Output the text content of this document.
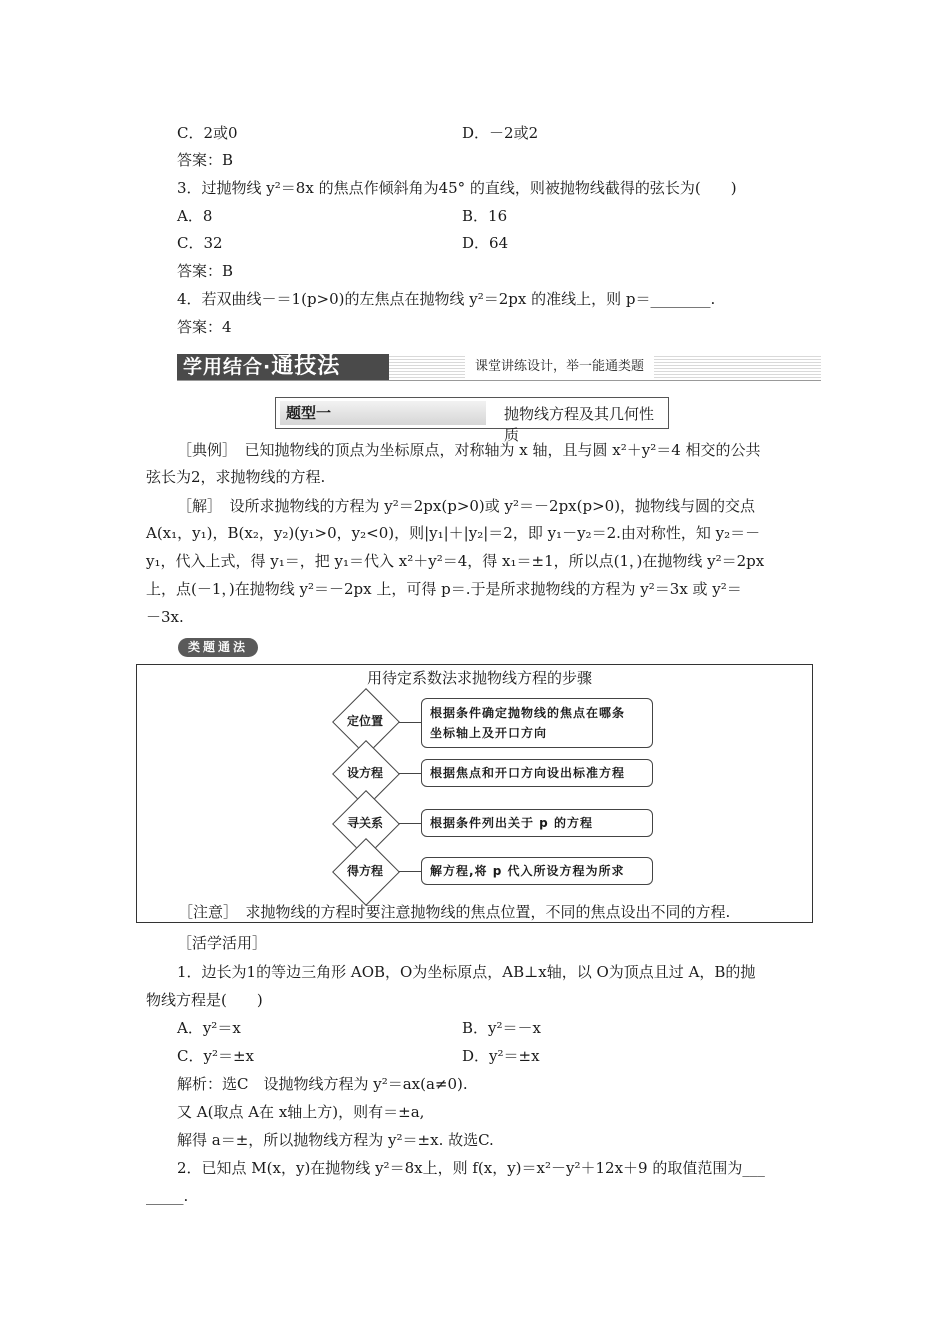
C．2或0	D．－2或2
答案：B
3．过抛物线 y²＝8x 的焦点作倾斜角为45° 的直线，则被抛物线截得的弦长为(　　)
A．8	B．16
C．32	D．64
答案：B
4．若双曲线－＝1(p>0)的左焦点在抛物线 y²＝2px 的准线上，则 p＝________.
答案：4
学用结合·通技法	课堂讲练设计，举一能通类题
题型一	抛物线方程及其几何性质
［典例］　已知抛物线的顶点为坐标原点，对称轴为 x 轴，且与圆 x²＋y²＝4 相交的公共
弦长为2，求抛物线的方程.
［解］　设所求抛物线的方程为 y²＝2px(p>0)或 y²＝－2px(p>0)，抛物线与圆的交点
A(x₁，y₁)，B(x₂，y₂)(y₁>0，y₂<0)，则|y₁|＋|y₂|＝2，即 y₁－y₂＝2.由对称性，知 y₂＝－
y₁，代入上式，得 y₁＝，把 y₁＝代入 x²＋y²＝4，得 x₁＝±1，所以点(1，)在抛物线 y²＝2px
上，点(－1，)在抛物线 y²＝－2px 上，可得 p＝.于是所求抛物线的方程为 y²＝3x 或 y²＝
－3x.
类题通法
用待定系数法求抛物线方程的步骤
定位置
根据条件确定抛物线的焦点在哪条
坐标轴上及开口方向
设方程	根据焦点和开口方向设出标准方程
寻关系	根据条件列出关于 p 的方程
得方程	解方程,将 p 代入所设方程为所求
［注意］　求抛物线的方程时要注意抛物线的焦点位置，不同的焦点设出不同的方程.
［活学活用］
1．边长为1的等边三角形 AOB，O为坐标原点，AB⊥x轴，以 O为顶点且过 A，B的抛
物线方程是(　　)
A．y²＝x	B．y²＝－x
C．y²＝±x	D．y²＝±x
解析：选C　设抛物线方程为 y²＝ax(a≠0).
又 A(取点 A在 x轴上方)，则有＝±a,
解得 a＝±，所以抛物线方程为 y²＝±x. 故选C.
2．已知点 M(x，y)在抛物线 y²＝8x上，则 f(x，y)＝x²－y²＋12x＋9 的取值范围为___
_____.
